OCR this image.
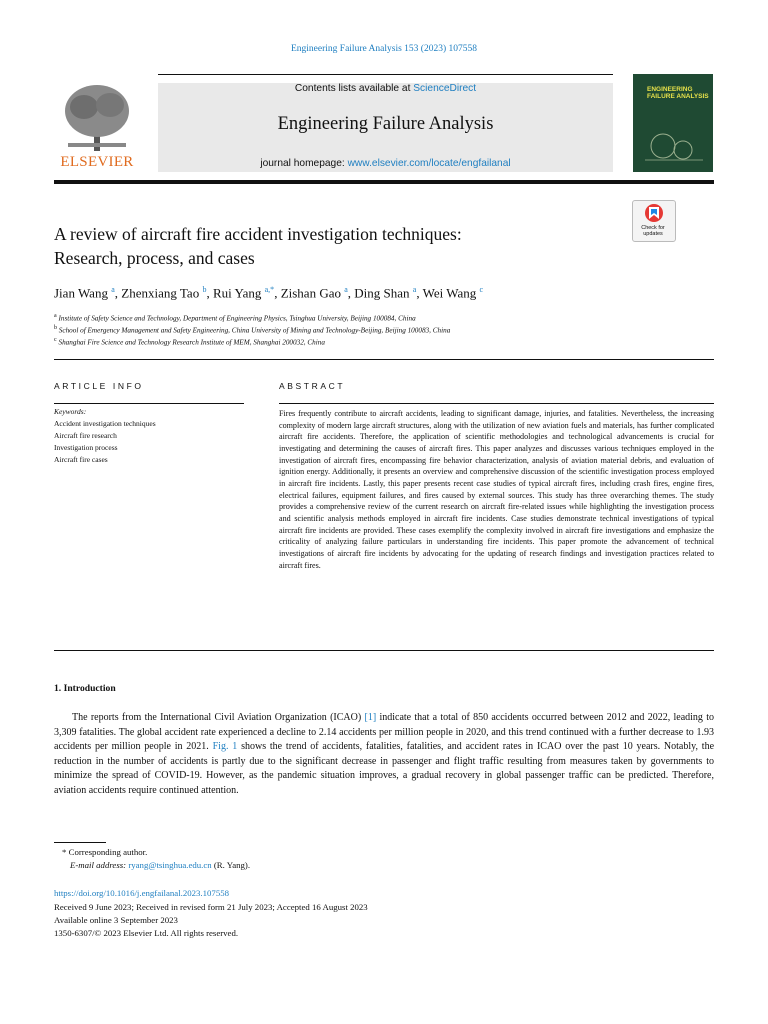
Engineering Failure Analysis 153 (2023) 107558
ELSEVIER
Contents lists available at ScienceDirect
Engineering Failure Analysis
journal homepage: www.elsevier.com/locate/engfailanal
ENGINEERING FAILURE ANALYSIS
Check for updates
A review of aircraft fire accident investigation techniques:
Research, process, and cases
Jian Wang $^a$, Zhenxiang Tao $^b$, Rui Yang $^{a,*}$, Zishan Gao $^a$, Ding Shan $^a$, Wei Wang $^c$
$^a$ Institute of Safety Science and Technology, Department of Engineering Physics, Tsinghua University, Beijing 100084, China
$^b$ School of Emergency Management and Safety Engineering, China University of Mining and Technology-Beijing, Beijing 100083, China
$^c$ Shanghai Fire Science and Technology Research Institute of MEM, Shanghai 200032, China
ARTICLE INFO
Keywords:
Accident investigation techniques
Aircraft fire research
Investigation process
Aircraft fire cases
ABSTRACT
Fires frequently contribute to aircraft accidents, leading to significant damage, injuries, and fatalities. Nevertheless, the increasing complexity of modern large aircraft structures, along with the utilization of new aviation fuels and materials, has further complicated aircraft fire accidents. Therefore, the application of scientific methodologies and technological advancements is crucial for investigating and determining the causes of aircraft fires. This paper analyzes and discusses various techniques employed in the investigation of aircraft fires, encompassing fire behavior characterization, analysis of aviation material debris, and evaluation of ignition energy. Additionally, it presents an overview and comprehensive discussion of the scientific investigation process employed in aircraft fire incidents. Lastly, this paper presents recent case studies of typical aircraft fires, including crash fires, engine fires, electrical failures, equipment failures, and fires caused by external sources. This study has three overarching themes. The study provides a comprehensive review of the current research on aircraft fire-related issues while highlighting the investigation process and scientific analysis methods employed in aircraft fire incidents. Case studies demonstrate technical investigations of typical aircraft fire incidents are provided. These cases exemplify the complexity involved in aircraft fire investigations and emphasize the criticality of analyzing failure particulars in understanding fire incidents. This paper promote the advancement of technical investigations of aircraft fire incidents by advocating for the updating of research findings and investigation practices related to aircraft fires.
1. Introduction
The reports from the International Civil Aviation Organization (ICAO) [1] indicate that a total of 850 accidents occurred between 2012 and 2022, leading to 3,309 fatalities. The global accident rate experienced a decline to 2.14 accidents per million people in 2020, and this trend continued with a further decrease to 1.93 accidents per million people in 2021. Fig. 1 shows the trend of accidents, fatalities, fatalities, and accident rates in ICAO over the past 10 years. Notably, the reduction in the number of accidents is partly due to the significant decrease in passenger and flight traffic resulting from measures taken by governments to minimize the spread of COVID-19. However, as the pandemic situation improves, a gradual recovery in global passenger traffic can be predicted. Therefore, aviation accidents require continued attention.
* Corresponding author.
E-mail address: ryang@tsinghua.edu.cn (R. Yang).
https://doi.org/10.1016/j.engfailanal.2023.107558
Received 9 June 2023; Received in revised form 21 July 2023; Accepted 16 August 2023
Available online 3 September 2023
1350-6307/© 2023 Elsevier Ltd. All rights reserved.
